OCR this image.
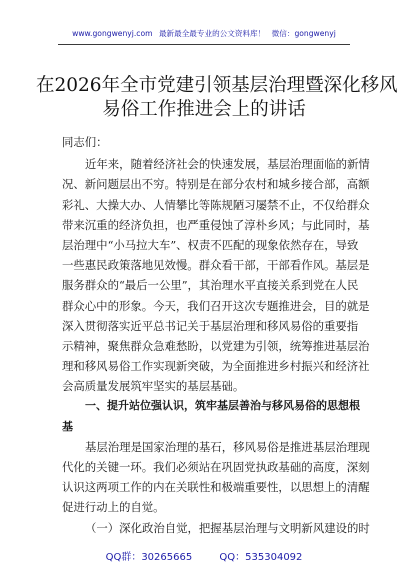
www.gongwenyj.com 最新最全最专业的公文资料库！ 微信：gongwenyj
在2026年全市党建引领基层治理暨深化移风
易俗工作推进会上的讲话
同志们：
近年来，随着经济社会的快速发展，基层治理面临的新情
况、新问题层出不穷。特别是在部分农村和城乡接合部，高额
彩礼、大操大办、人情攀比等陈规陋习屡禁不止，不仅给群众
带来沉重的经济负担，也严重侵蚀了淳朴乡风；与此同时，基
层治理中“小马拉大车”、权责不匹配的现象依然存在，导致
一些惠民政策落地见效慢。群众看干部，干部看作风。基层是
服务群众的“最后一公里”，其治理水平直接关系到党在人民
群众心中的形象。今天，我们召开这次专题推进会，目的就是
深入贯彻落实近平总书记关于基层治理和移风易俗的重要指
示精神，聚焦群众急难愁盼，以党建为引领，统筹推进基层治
理和移风易俗工作实现新突破，为全面推进乡村振兴和经济社
会高质量发展筑牢坚实的基层基础。
一、提升站位强认识，筑牢基层善治与移风易俗的思想根
基
基层治理是国家治理的基石，移风易俗是推进基层治理现
代化的关键一环。我们必须站在巩固党执政基础的高度，深刻
认识这两项工作的内在关联性和极端重要性，以思想上的清醒
促进行动上的自觉。
（一）深化政治自觉，把握基层治理与文明新风建设的时
QQ群：30265665	QQ：535304092
